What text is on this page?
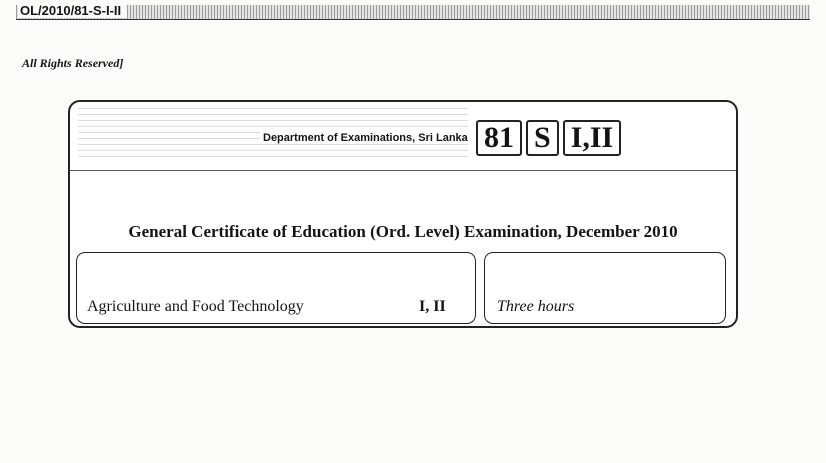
OL/2010/81-S-I-II
All Rights Reserved]
Department of Examinations, Sri Lanka 81 S I,II
General Certificate of Education (Ord. Level) Examination, December 2010
Agriculture and Food Technology	I, II	Three hours
